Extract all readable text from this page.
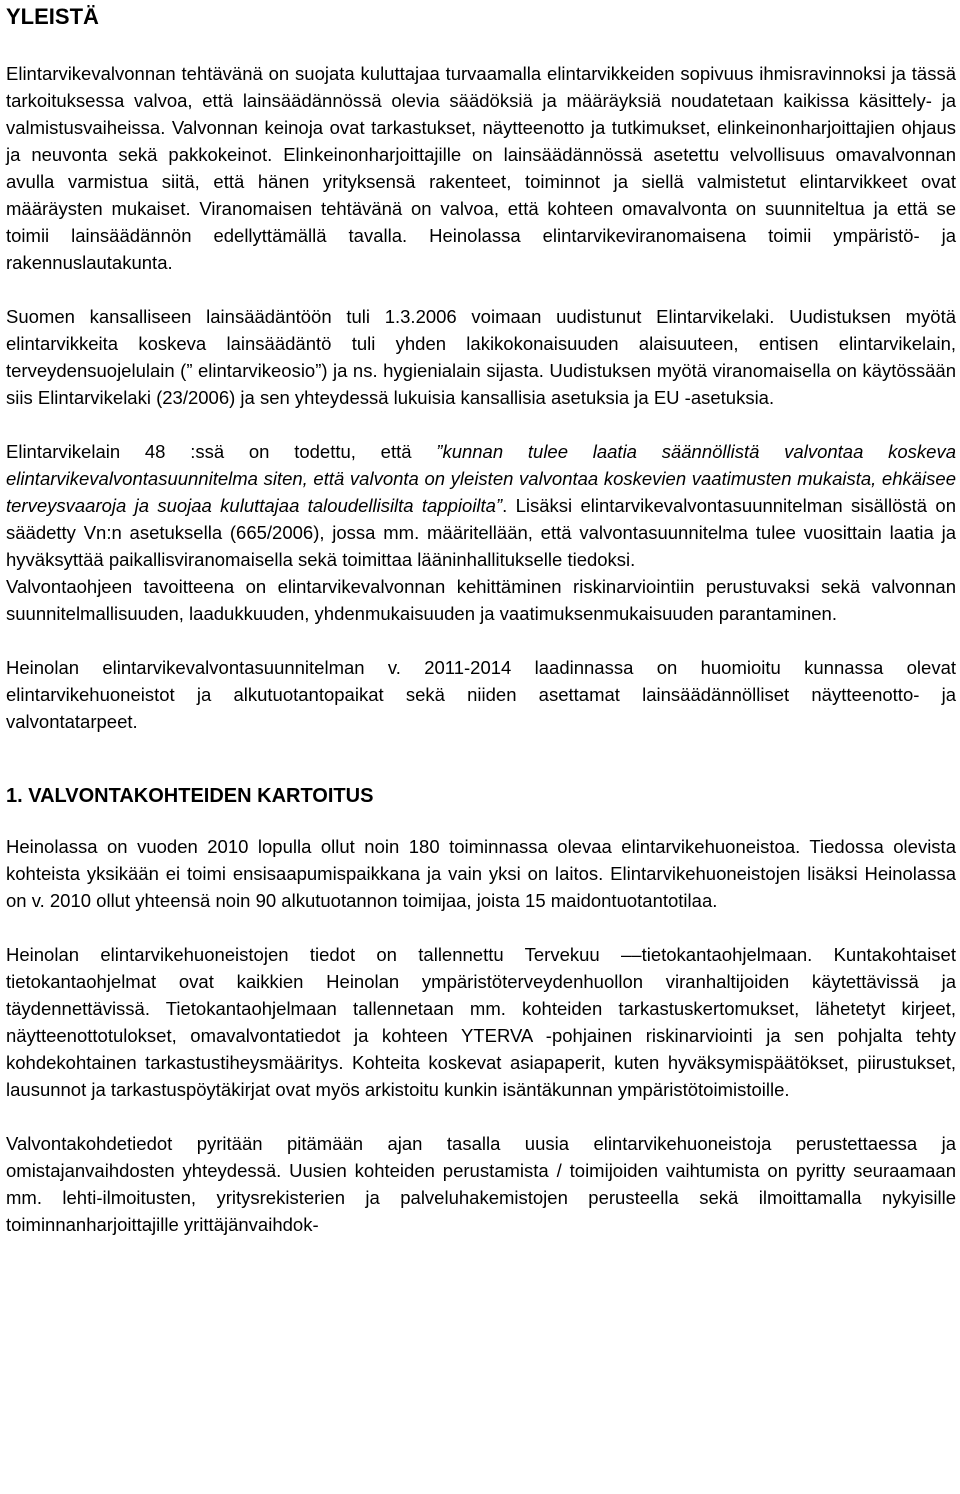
YLEISTÄ

Elintarvikevalvonnan tehtävänä on suojata kuluttajaa turvaamalla elintarvikkeiden sopivuus ihmisravinnoksi ja tässä tarkoituksessa valvoa, että lainsäädännössä olevia säädöksiä ja määräyksiä noudatetaan kaikissa käsittely- ja valmistusvaiheissa. Valvonnan keinoja ovat tarkastukset, näytteenotto ja tutkimukset, elinkeinonharjoittajien ohjaus ja neuvonta sekä pakkokeinot. Elinkeinonharjoittajille on lainsäädännössä asetettu velvollisuus omavalvonnan avulla varmistua siitä, että hänen yrityksensä rakenteet, toiminnot ja siellä valmistetut elintarvikkeet ovat määräysten mukaiset. Viranomaisen tehtävänä on valvoa, että kohteen omavalvonta on suunniteltua ja että se toimii lainsäädännön edellyttämällä tavalla. Heinolassa elintarvikeviranomaisena toimii ympäristö- ja rakennuslautakunta.

Suomen kansalliseen lainsäädäntöön tuli 1.3.2006 voimaan uudistunut Elintarvikelaki. Uudistuksen myötä elintarvikkeita koskeva lainsäädäntö tuli yhden lakikokonaisuuden alaisuuteen, entisen elintarvikelain, terveydensuojelulain (” elintarvikeosio”) ja ns. hygienialain sijasta. Uudistuksen myötä viranomaisella on käytössään siis Elintarvikelaki (23/2006) ja sen yhteydessä lukuisia kansallisia asetuksia ja EU -asetuksia.

Elintarvikelain 48 :ssä on todettu, että ”kunnan tulee laatia säännöllistä valvontaa koskeva elintarvikevalvontasuunnitelma siten, että valvonta on yleisten valvontaa koskevien vaatimusten mukaista, ehkäisee terveysvaaroja ja suojaa kuluttajaa taloudellisilta tappioilta”. Lisäksi elintarvikevalvontasuunnitelman sisällöstä on säädetty Vn:n asetuksella (665/2006), jossa mm. määritellään, että valvontasuunnitelma tulee vuosittain laatia ja hyväksyttää paikallisviranomaisella sekä toimittaa lääninhallitukselle tiedoksi.

Valvontaohjeen tavoitteena on elintarvikevalvonnan kehittäminen riskinarviointiin perustuvaksi sekä valvonnan suunnitelmallisuuden, laadukkuuden, yhdenmukaisuuden ja vaatimuksenmukaisuuden parantaminen.

Heinolan elintarvikevalvontasuunnitelman v. 2011-2014 laadinnassa on huomioitu kunnassa olevat elintarvikehuoneistot ja alkutuotantopaikat sekä niiden asettamat lainsäädännölliset näytteenotto- ja valvontatarpeet.

1. VALVONTAKOHTEIDEN KARTOITUS

Heinolassa on vuoden 2010 lopulla ollut noin 180 toiminnassa olevaa elintarvikehuoneistoa. Tiedossa olevista kohteista yksikään ei toimi ensisaapumispaikkana ja vain yksi on laitos. Elintarvikehuoneistojen lisäksi Heinolassa on v. 2010 ollut yhteensä noin 90 alkutuotannon toimijaa, joista 15 maidontuotantotilaa.

Heinolan elintarvikehuoneistojen tiedot on tallennettu Tervekuu ––tietokantaohjelmaan. Kuntakohtaiset tietokantaohjelmat ovat kaikkien Heinolan ympäristöterveydenhuollon viranhaltijoiden käytettävissä ja täydennettävissä. Tietokantaohjelmaan tallennetaan mm. kohteiden tarkastuskertomukset, lähetetyt kirjeet, näytteenottotulokset, omavalvontatiedot ja kohteen YTERVA -pohjainen riskinarviointi ja sen pohjalta tehty kohdekohtainen tarkastustiheysmääritys. Kohteita koskevat asiapaperit, kuten hyväksymispäätökset, piirustukset, lausunnot ja tarkastuspöytäkirjat ovat myös arkistoitu kunkin isäntäkunnan ympäristötoimistoille.

Valvontakohdetiedot pyritään pitämään ajan tasalla uusia elintarvikehuoneistoja perustettaessa ja omistajanvaihdosten yhteydessä. Uusien kohteiden perustamista / toimijoiden vaihtumista on pyritty seuraamaan mm. lehti-ilmoitusten, yritysrekisterien ja palveluhakemistojen perusteella sekä ilmoittamalla nykyisille toiminnanharjoittajille yrittäjänvaihdok-
